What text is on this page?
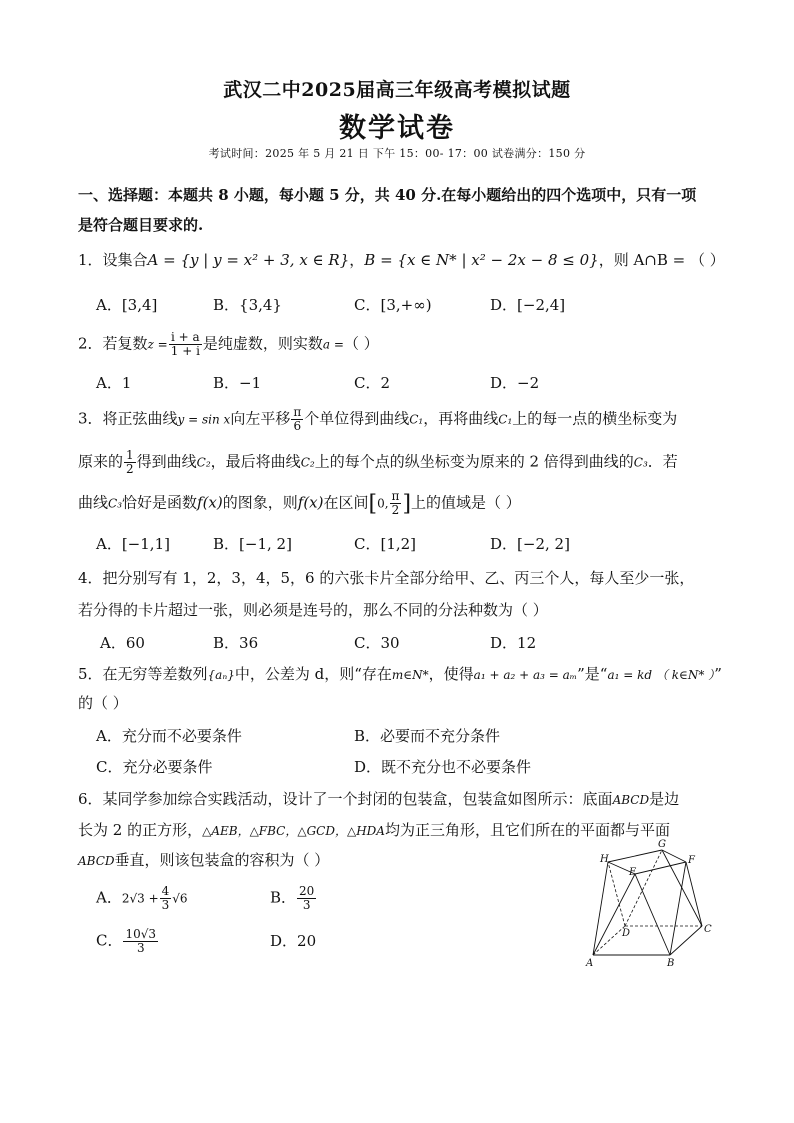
武汉二中2025届高三年级高考模拟试题
数学试卷
考试时间：2025 年 5 月 21 日 下午 15：00- 17：00 试卷满分：150 分
一、选择题：本题共 8 小题，每小题 5 分，共 40 分.在每小题给出的四个选项中，只有一项
是符合题目要求的.
1．设集合A = {y | y = x² + 3, x ∈ R}，B = {x ∈ N* | x² − 2x − 8 ≤ 0}，则 A∩B = （ ）
A．[3,4]	B．{3,4}	C．[3,+∞)	D．[−2,4]
2．若复数$z = \frac{i + a}{1 + i}$ 是纯虚数，则实数a =（ ）
A．1	B．−1	C．2	D．−2
3．将正弦曲线y = sin x向左平移 $\frac{\pi}{6}$ 个单位得到曲线C₁，再将曲线C₁上的每一点的横坐标变为
原来的 $\frac{1}{2}$ 得到曲线C₂，最后将曲线C₂上的每个点的纵坐标变为原来的 2 倍得到曲线的C₃．若
曲线C₃恰好是函数f(x)的图象，则f(x)在区间[0, $\frac{\pi}{2}$ ]上的值域是（ ）
A．[−1,1]	B．[−1, 2]	C．[1,2]	D．[−2, 2]
4．把分别写有 1，2，3，4，5，6 的六张卡片全部分给甲、乙、丙三个人，每人至少一张，
若分得的卡片超过一张，则必须是连号的，那么不同的分法种数为（ ）
A．60	B．36	C．30	D．12
5．在无穷等差数列{aₙ}中，公差为 d，则“存在m∈N*，使得a₁ + a₂ + a₃ = aₘ”是“a₁ = kd （ k∈N* ）”
的（ ）
A．充分而不必要条件	B．必要而不充分条件
C．充分必要条件	D．既不充分也不必要条件
6．某同学参加综合实践活动，设计了一个封闭的包装盒，包装盒如图所示：底面ABCD是边
长为 2 的正方形，△AEB，△FBC，△GCD，△HDA均为正三角形，且它们所在的平面都与平面
ABCD垂直，则该包装盒的容积为（ ）
A．$2√3 + \frac{4}{3} √6$	B． $\frac{20}{3}$
C． $\frac{10√3}{3}$	D．20
H
G
F
E
D	C
A	B
